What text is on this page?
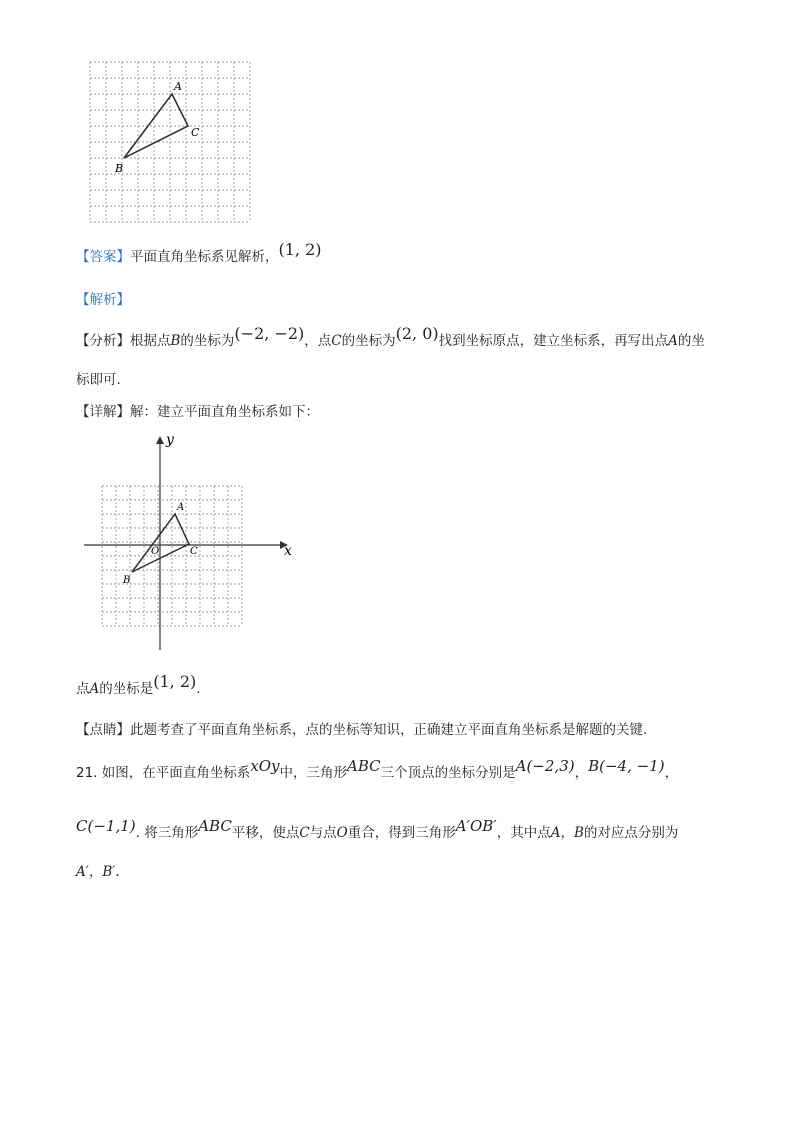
A
C
B
【答案】平面直角坐标系见解析，(1, 2)
【解析】
【分析】根据点B的坐标为(−2, −2)，点C的坐标为(2, 0)找到坐标原点，建立坐标系，再写出点A的坐
标即可.
【详解】解：建立平面直角坐标系如下：
A
C
B
O	x
y
点A的坐标是(1, 2).
【点睛】此题考查了平面直角坐标系，点的坐标等知识，正确建立平面直角坐标系是解题的关键.
21. 如图，在平面直角坐标系xOy中，三角形ABC三个顶点的坐标分别是A(−2,3)，B(−4, −1)，
C(−1,1). 将三角形ABC平移，使点C与点O重合，得到三角形A′OB′，其中点A，B的对应点分别为
A′，B′.
